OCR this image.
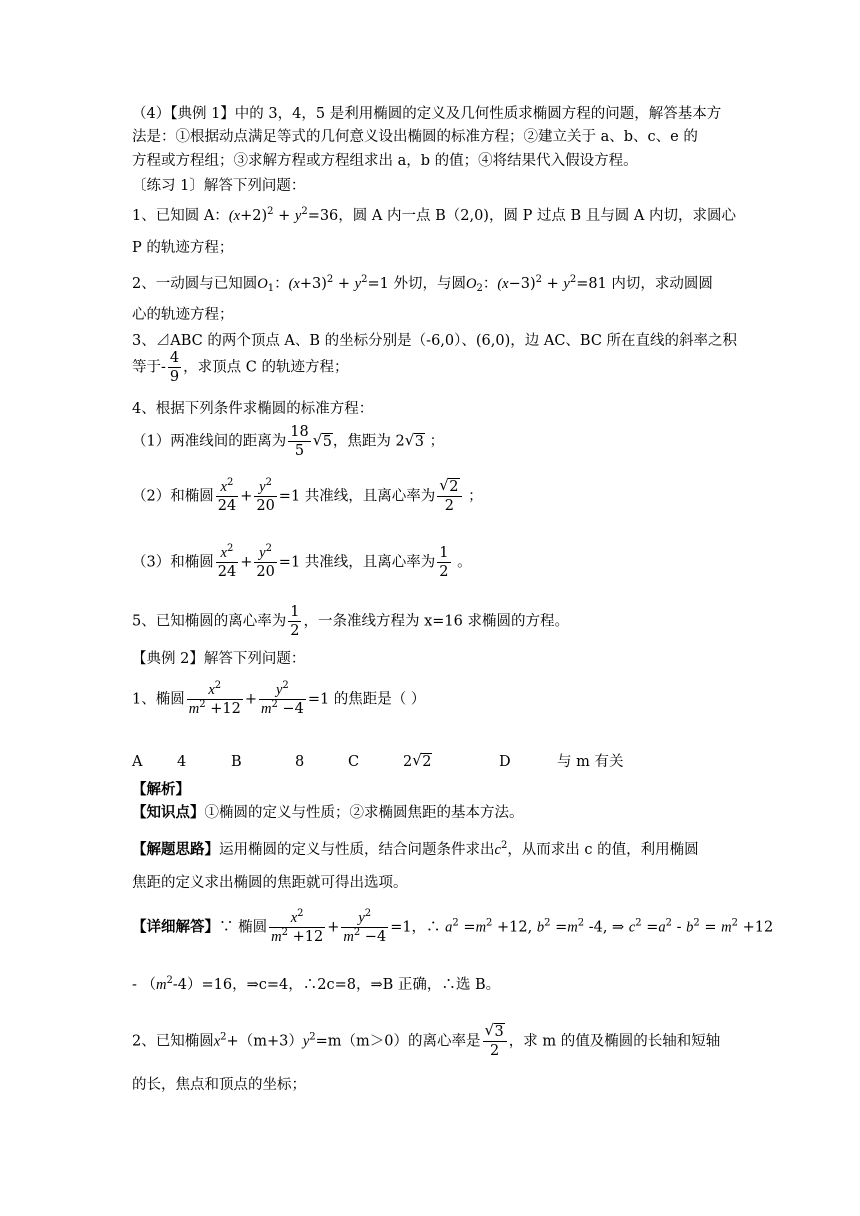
（4）【典例 1】中的 3，4，5 是利用椭圆的定义及几何性质求椭圆方程的问题，解答基本方
法是：①根据动点满足等式的几何意义设出椭圆的标准方程；②建立关于 a、b、c、e 的
方程或方程组；③求解方程或方程组求出 a，b 的值；④将结果代入假设方程。
〔练习 1〕解答下列问题：
1、已知圆 A：$(x+2)^2 + y^2=36$，圆 A 内一点 B（2,0)，圆 P 过点 B 且与圆 A 内切，求圆心
P 的轨迹方程；
2、一动圆与已知圆$O_1$：$(x+3)^2 + y^2=1$ 外切，与圆$O_2$：$(x-3)^2 + y^2=81$ 内切，求动圆圆
心的轨迹方程；
3、⊿ABC 的两个顶点 A、B 的坐标分别是（-6,0）、(6,0)，边 AC、BC 所在直线的斜率之积
等于- $\frac{4}{9}$ ，求顶点 C 的轨迹方程；
4、根据下列条件求椭圆的标准方程：
（1）两准线间的距离为 $\frac{18}{5}$ √ 5，焦距为 2 √ 3 ；
（2）和椭圆 $\frac{x^2}{24} + \frac{y^2}{20} =1$ 共准线，且离心率为 $\frac{√ 2}{2}$ ；
（3）和椭圆 $\frac{x^2}{24} + \frac{y^2}{20} =1$ 共准线，且离心率为 $\frac{1}{2}$ 。
5、已知椭圆的离心率为 $\frac{1}{2}$ ，一条准线方程为 x=16 求椭圆的方程。
【典例 2】解答下列问题：
1、椭圆 $\frac{x^2}{m^2 +12} + \frac{y^2}{m^2 -4} =1$ 的焦距是（ ）
A 4	B	8	C	2 √ 2	D	与 m 有关
【解析】
【知识点】①椭圆的定义与性质；②求椭圆焦距的基本方法。
【解题思路】运用椭圆的定义与性质，结合问题条件求出$c^2$，从而求出 c 的值，利用椭圆
焦距的定义求出椭圆的焦距就可得出选项。
【详细解答】∵ 椭圆 $\frac{x^2}{m^2 +12} + \frac{y^2}{m^2 -4} =1$，∴ $a^2 =m^2 +12$, $b^2 =m^2$ -4, ⇒ $c^2 =a^2 - b^2 = m^2 +12$
- $(m^2-4)=16$，⇒c=4，∴2c=8，⇒B 正确，∴选 B。
2、已知椭圆$x^2+(m+3)y^2=m(m>0)$的离心率是 $\frac{√ 3}{2}$ ，求 m 的值及椭圆的长轴和短轴
的长，焦点和顶点的坐标；
